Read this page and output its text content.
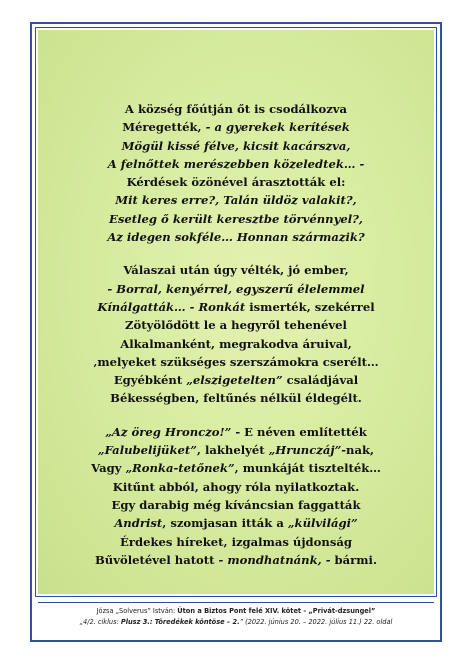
A község főútján őt is csodálkozva
Méregették, - a gyerekek kerítések
Mögül kissé félve, kicsit kacárszva,
A felnőttek merészebben közeledtek… -
Kérdések özönével árasztották el:
Mit keres erre?, Talán üldöz valakit?,
Esetleg ő került keresztbe törvénnyel?,
Az idegen sokféle… Honnan származik?
Válaszai után úgy vélték, jó ember,
- Borral, kenyérrel, egyszerű élelemmel
Kínálgatták… - Ronkát ismerték, szekérrel
Zötyölődött le a hegyről tehenével
Alkalmanként, megrakodva áruival,
‚melyeket szükséges szerszámokra cserélt…
Egyébként „elszigetelten” családjával
Békességben, feltűnés nélkül éldegélt.
„Az öreg Hronczo!” - E néven említették
„Falubelijüket”, lakhelyét „Hrunczáj”-nak,
Vagy „Ronka-tetőnek”, munkáját tisztelték…
Kitűnt abból, ahogy róla nyilatkoztak.
Egy darabig még kíváncsian faggatták
Andrist, szomjasan itták a „külvilági”
Érdekes híreket, izgalmas újdonság
Bűvöletével hatott - mondhatnánk, - bármi.
Józsa „Solverus” István: Úton a Biztos Pont felé XIV. kötet - „Privát-dzsungel”
„4/2. ciklus: Plusz 3.: Töredékek köntöse – 2.” (2022. június 20. – 2022. július 11.) 22. oldal
